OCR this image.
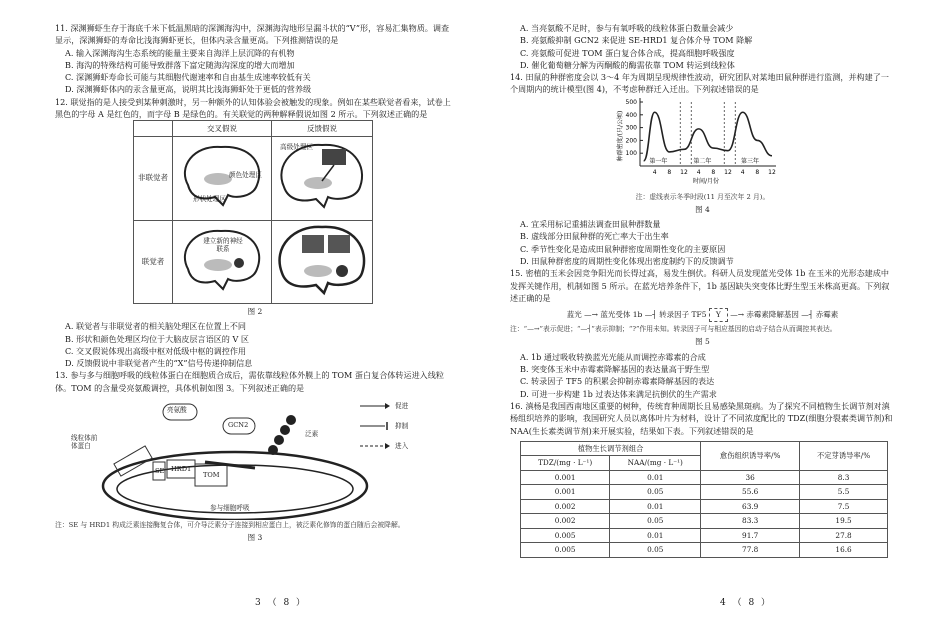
11. 深渊狮虾生存于海底千米下低温黑暗的深渊海沟中，深渊海沟地形呈漏斗状的“V”形，容易汇集物质。调查显示，深渊狮虾的寿命比浅海狮虾更长，但体内录含量更高。下列推测错误的是

A. 输入深渊海沟生态系统的能量主要来自海洋上层沉降的有机物

B. 海沟的特殊结构可能导致群落下富定随海沟深度的增大而增加

C. 深渊狮虾寿命长可能与其细胞代谢速率和自由基生成速率较低有关

D. 深渊狮虾体内的汞含量更高，说明其比浅海狮虾处于更低的营养级

12. 联觉指的是人接受到某种刺激时，另一种额外的认知体验会被触发的现象。例如在某些联觉者看来，试卷上黑色的字母 A 是红色的，而字母 B 是绿色的。有关联觉的两种解释假说如图 2 所示。下列叙述正确的是

	交叉假说	反馈假说
非联觉者	颜色处理区
形状处理区	高级处理区

联觉者	建立新的神经联系

图 2

A. 联觉者与非联觉者的相关脑处理区在位置上不同

B. 形状和颜色处理区均位于大脑皮层言语区的 V 区

C. 交叉假说体现出高级中枢对低级中枢的调控作用

D. 反馈假说中非联觉者产生的“X”信号传递抑制信息

13. 参与多与细胞呼吸的线粒体蛋白在细胞质合成后，需依靠线粒体外膜上的 TOM 蛋白复合体转运进入线粒体。TOM 的含量受亮氨酸调控，具体机制如图 3。下列叙述正确的是

亮氨酸
GCN2
线粒体前体蛋白
SE HRD1
TOM
泛素
参与细胞呼吸
促进
抑制
进入

注：SE 与 HRD1 构成泛素连接酶复合体，可介导泛素分子连接到相应蛋白上，被泛素化修饰的蛋白随后会被降解。

图 3

3 （ 8 ）

A. 当亮氨酸不足时，参与有氧呼吸的线粒体蛋白数量会减少

B. 亮氨酸抑制 GCN2 来促进 SE-HRD1 复合体介导 TOM 降解

C. 亮氨酸可促进 TOM 蛋白复合体合成，提高细胞呼吸强度

D. 催化葡萄糖分解为丙酮酸的酶需依靠 TOM 转运到线粒体

14. 田鼠的种群密度会以 3～4 年为周期呈现规律性波动，研究团队对某地田鼠种群进行监测，并构建了一个周期内的统计模型(图 4)，不考虑种群迁入迁出。下列叙述错误的是

100
200
300
400
500
4 8 12 4 8 12 4 8 12
第一年	第二年	第三年
种群密度/(只/公顷)
时间/月份

注：虚线表示冬季时段(11 月至次年 2 月)。

图 4

A. 宜采用标记重捕法调查田鼠种群数量

B. 虚线部分田鼠种群的死亡率大于出生率

C. 季节性变化是造成田鼠种群密度周期性变化的主要原因

D. 田鼠种群密度的周期性变化体现出密度制约下的反馈调节

15. 密植的玉米会因竞争阳光而长得过高，易发生倒伏。科研人员发现蓝光受体 1b 在玉米的光形态建成中发挥关键作用，机制如图 5 所示。在蓝光培养条件下，1b 基因缺失突变体比野生型玉米株高更高。下列叙述正确的是

蓝光 —→ 蓝光受体 1b —┤ 转录因子 TF5 Y —→ 赤霉素降解基因 —┤ 赤霉素

注：“—→”表示促进；“—┤”表示抑制；“?”作用未知。转录因子可与相应基因的启动子结合从而调控其表达。

图 5

A. 1b 通过吸收转换蓝光光能从而调控赤霉素的合成

B. 突变体玉米中赤霉素降解基因的表达量高于野生型

C. 转录因子 TF5 的积累会抑制赤霉素降解基因的表达

D. 可进一步构建 1b 过表达体来满足抗倒伏的生产需求

16. 滇杨是我国西南地区重要的树种，传统育种周期长且易感染黑斑病。为了探究不同植物生长调节剂对滇杨组织培养的影响，我国研究人员以离体叶片为材料，设计了不同浓度配比的 TDZ(细胞分裂素类调节剂)和 NAA(生长素类调节剂)来开展实验，结果如下表。下列叙述错误的是

植物生长调节剂组合		愈伤组织诱导率/%	不定芽诱导率/%
TDZ/(mg · L⁻¹)	NAA/(mg · L⁻¹)		
0.001	0.01	36	8.3
0.001	0.05	55.6	5.5
0.002	0.01	63.9	7.5
0.002	0.05	83.3	19.5
0.005	0.01	91.7	27.8
0.005	0.05	77.8	16.6
4 （ 8 ）
